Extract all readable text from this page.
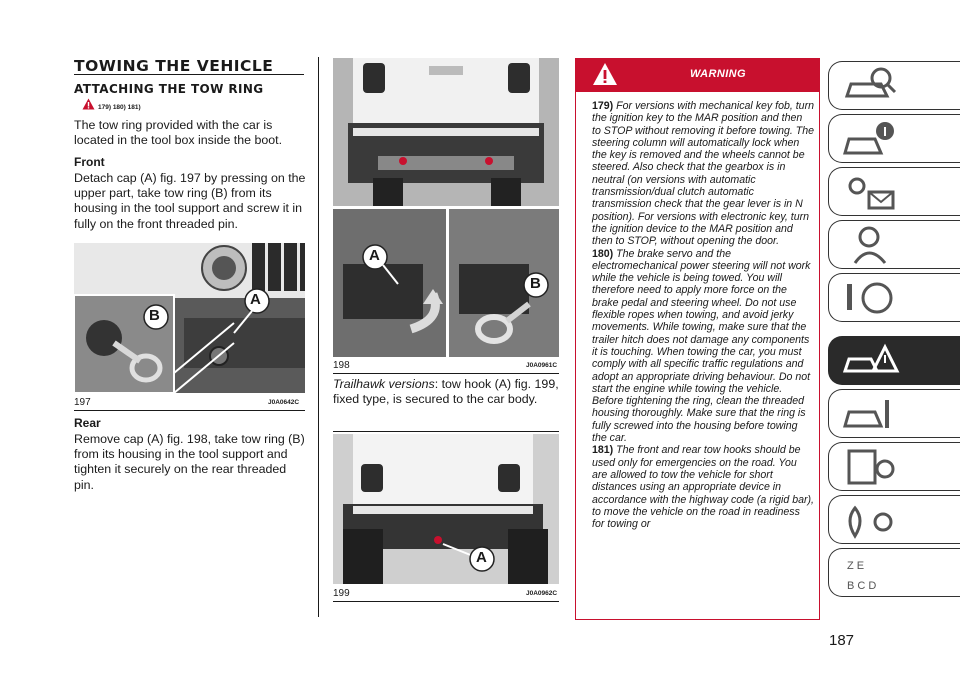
TOWING THE VEHICLE
ATTACHING THE TOW RING
179) 180) 181)
The tow ring provided with the car is located in the tool box inside the boot.
Front
Detach cap (A) fig. 197 by pressing on the upper part, take tow ring (B) from its housing in the tool support and screw it in fully on the front threaded pin.
B
A
197	J0A0642C
Rear
Remove cap (A) fig. 198, take tow ring (B) from its housing in the tool support and tighten it securely on the rear threaded pin.
A
B
198	J0A0961C
Trailhawk versions: tow hook (A) fig. 199, fixed type, is secured to the car body.
A
199	J0A0962C
WARNING
179) For versions with mechanical key fob, turn the ignition key to the MAR position and then to STOP without removing it before towing. The steering column will automatically lock when the key is removed and the wheels cannot be steered. Also check that the gearbox is in neutral (on versions with automatic transmission/dual clutch automatic transmission check that the gear lever is in N position). For versions with electronic key, turn the ignition device to the MAR position and then to STOP, without opening the door.
180) The brake servo and the electromechanical power steering will not work while the vehicle is being towed. You will therefore need to apply more force on the brake pedal and steering wheel. Do not use flexible ropes when towing, and avoid jerky movements. While towing, make sure that the trailer hitch does not damage any components it is touching. When towing the car, you must comply with all specific traffic regulations and adopt an appropriate driving behaviour. Do not start the engine while towing the vehicle. Before tightening the ring, clean the threaded housing thoroughly. Make sure that the ring is fully screwed into the housing before towing the car.
181) The front and rear tow hooks should be used only for emergencies on the road. You are allowed to tow the vehicle for short distances using an appropriate device in accordance with the highway code (a rigid bar), to move the vehicle on the road in readiness for towing or
187
Z E
B C D
